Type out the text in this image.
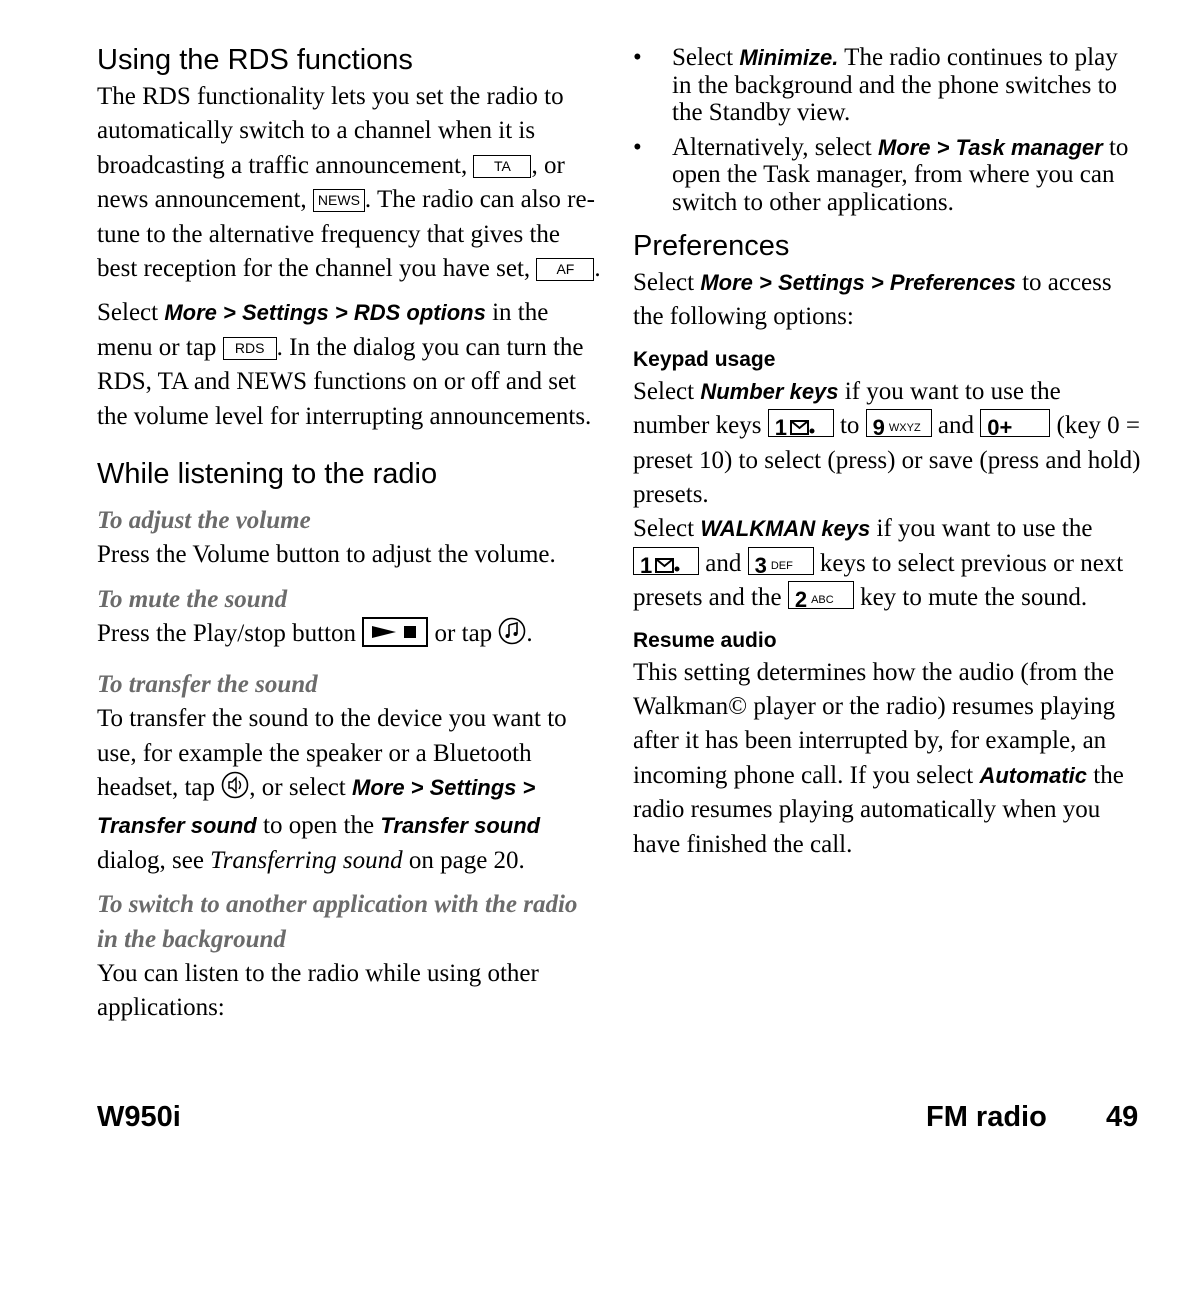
Using the RDS functions

The RDS functionality lets you set the radio to automatically switch to a channel when it is broadcasting a traffic announcement, TA , or news announcement, NEWS . The radio can also re-tune to the alternative frequency that gives the best reception for the channel you have set, AF .

Select More > Settings > RDS options in the menu or tap RDS . In the dialog you can turn the RDS, TA and NEWS functions on or off and set the volume level for interrupting announcements.

While listening to the radio

To adjust the volume

Press the Volume button to adjust the volume.

To mute the sound

Press the Play/stop button	or tap .

To transfer the sound

To transfer the sound to the device you want to use, for example the speaker or a Bluetooth headset, tap , or select More > Settings > Transfer sound to open the Transfer sound dialog, see Transferring sound on page 20.

To switch to another application with the radio in the background

You can listen to the radio while using other applications:

• Select Minimize. The radio continues to play in the background and the phone switches to the Standby view.
• Alternatively, select More > Task manager to open the Task manager, from where you can switch to other applications.
Preferences

Select More > Settings > Preferences to access the following options:

Keypad usage

Select Number keys if you want to use the number keys 1 to 9 WXYZ and 0+ (key 0 = preset 10) to select (press) or save (press and hold) presets.

Select WALKMAN keys if you want to use the 1 and 3 DEF keys to select previous or next presets and the 2 ABC key to mute the sound.

Resume audio

This setting determines how the audio (from the Walkman© player or the radio) resumes playing after it has been interrupted by, for example, an incoming phone call. If you select Automatic the radio resumes playing automatically when you have finished the call.

W950i	FM radio 49
